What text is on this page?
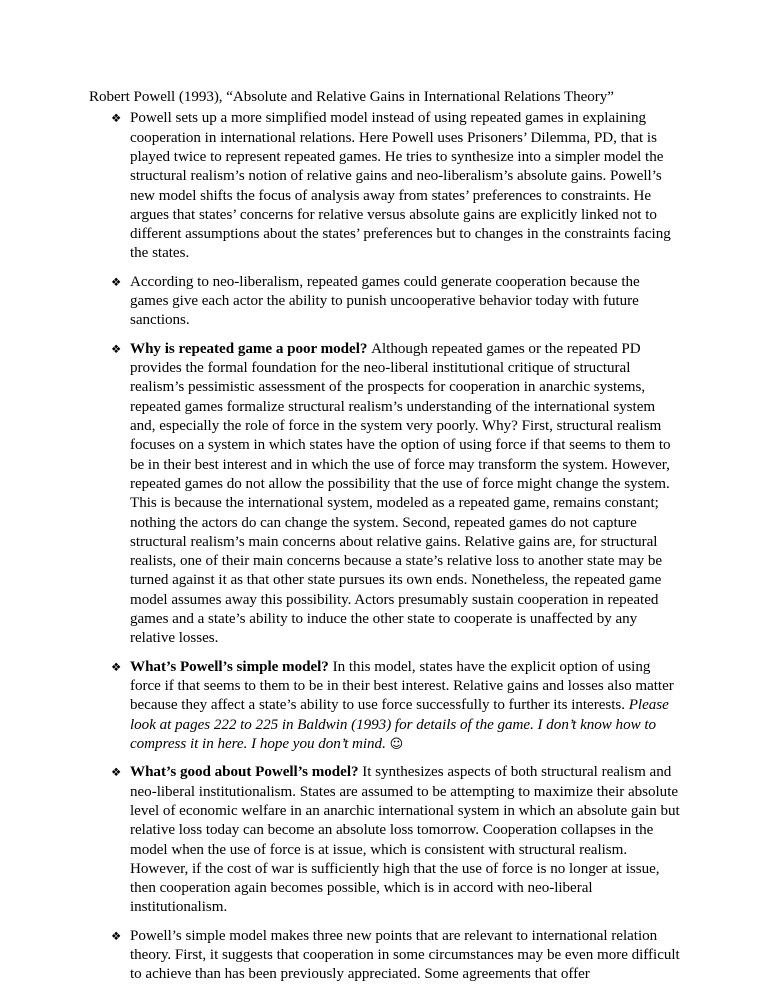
Robert Powell (1993), “Absolute and Relative Gains in International Relations Theory”

❖ Powell sets up a more simplified model instead of using repeated games in explaining cooperation in international relations. Here Powell uses Prisoners’ Dilemma, PD, that is played twice to represent repeated games. He tries to synthesize into a simpler model the structural realism’s notion of relative gains and neo-liberalism’s absolute gains. Powell’s new model shifts the focus of analysis away from states’ preferences to constraints. He argues that states’ concerns for relative versus absolute gains are explicitly linked not to different assumptions about the states’ preferences but to changes in the constraints facing the states.
❖ According to neo-liberalism, repeated games could generate cooperation because the games give each actor the ability to punish uncooperative behavior today with future sanctions.
❖ Why is repeated game a poor model? Although repeated games or the repeated PD provides the formal foundation for the neo-liberal institutional critique of structural realism’s pessimistic assessment of the prospects for cooperation in anarchic systems, repeated games formalize structural realism’s understanding of the international system and, especially the role of force in the system very poorly. Why? First, structural realism focuses on a system in which states have the option of using force if that seems to them to be in their best interest and in which the use of force may transform the system. However, repeated games do not allow the possibility that the use of force might change the system. This is because the international system, modeled as a repeated game, remains constant; nothing the actors do can change the system. Second, repeated games do not capture structural realism’s main concerns about relative gains. Relative gains are, for structural realists, one of their main concerns because a state’s relative loss to another state may be turned against it as that other state pursues its own ends. Nonetheless, the repeated game model assumes away this possibility. Actors presumably sustain cooperation in repeated games and a state’s ability to induce the other state to cooperate is unaffected by any relative losses.
❖ What’s Powell’s simple model? In this model, states have the explicit option of using force if that seems to them to be in their best interest. Relative gains and losses also matter because they affect a state’s ability to use force successfully to further its interests. Please look at pages 222 to 225 in Baldwin (1993) for details of the game. I don’t know how to compress it in here. I hope you don’t mind. ☺
❖ What’s good about Powell’s model? It synthesizes aspects of both structural realism and neo-liberal institutionalism. States are assumed to be attempting to maximize their absolute level of economic welfare in an anarchic international system in which an absolute gain but relative loss today can become an absolute loss tomorrow. Cooperation collapses in the model when the use of force is at issue, which is consistent with structural realism. However, if the cost of war is sufficiently high that the use of force is no longer at issue, then cooperation again becomes possible, which is in accord with neo-liberal institutionalism.
❖ Powell’s simple model makes three new points that are relevant to international relation theory. First, it suggests that cooperation in some circumstances may be even more difficult to achieve than has been previously appreciated. Some agreements that offer
